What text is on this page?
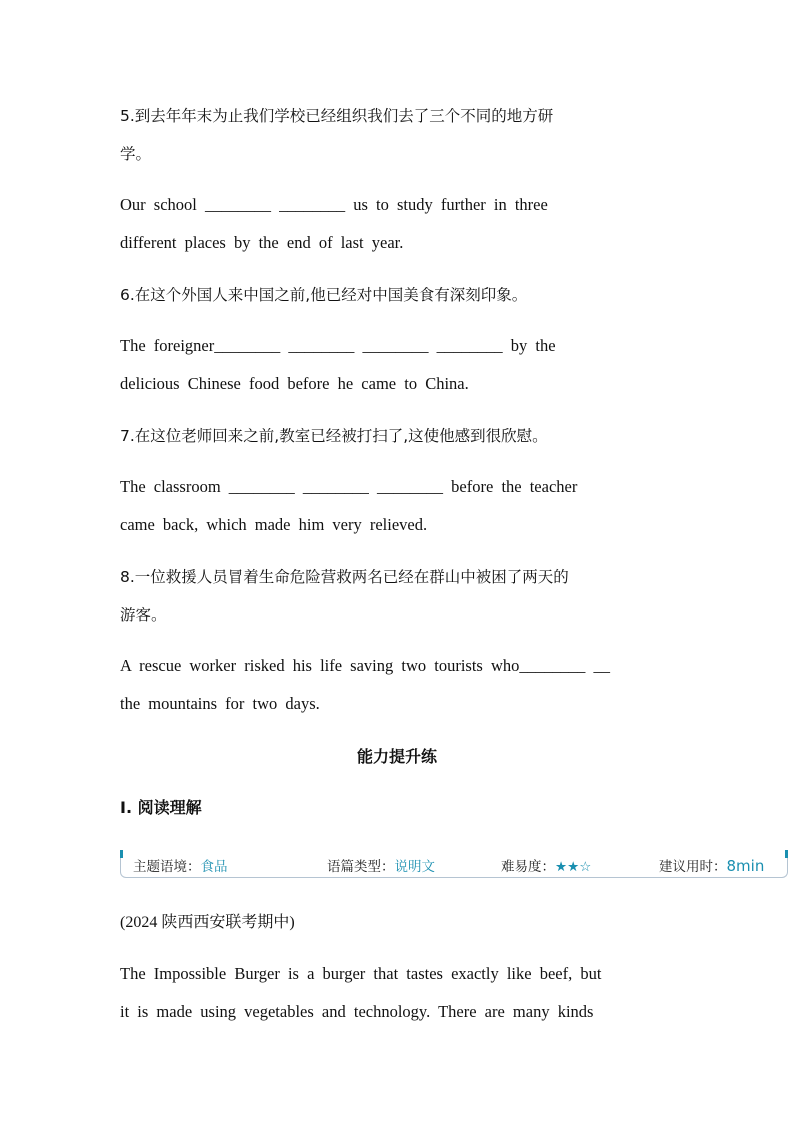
5.到去年年末为止我们学校已经组织我们去了三个不同的地方研
学。
Our school ________ ________ us to study further in three
different places by the end of last year.
6.在这个外国人来中国之前,他已经对中国美食有深刻印象。
The foreigner________ ________ ________ ________ by the
delicious Chinese food before he came to China.
7.在这位老师回来之前,教室已经被打扫了,这使他感到很欣慰。
The classroom ________ ________ ________ before the teacher
came back, which made him very relieved.
8.一位救援人员冒着生命危险营救两名已经在群山中被困了两天的
游客。
A rescue worker risked his life saving two tourists who________ __
the mountains for two days.
能力提升练
Ⅰ. 阅读理解
主题语境：食品	语篇类型：说明文	难易度：★★☆	建议用时：8min
(2024 陕西西安联考期中)
The Impossible Burger is a burger that tastes exactly like beef, but
it is made using vegetables and technology. There are many kinds
